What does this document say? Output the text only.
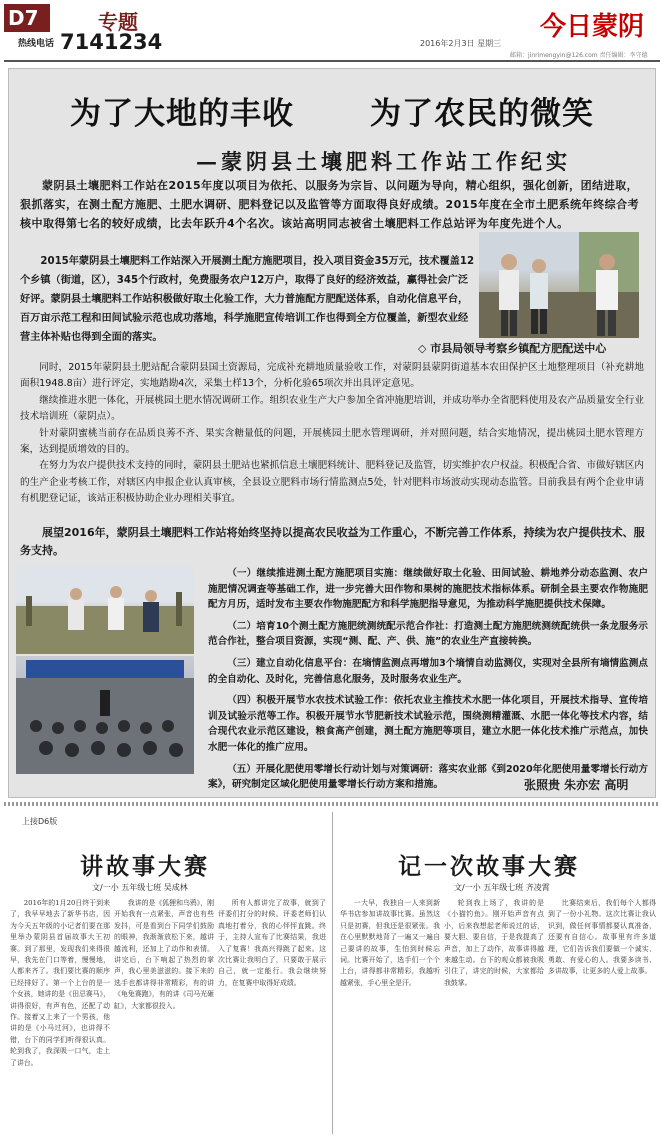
D7	专题
热线电话 7141234	今日蒙阴
2016年2月3日 星期三
邮箱：jinrimengyin@126.com 责任编辑：李守德
为了大地的丰收 为了农民的微笑
—蒙阴县土壤肥料工作站工作纪实
蒙阴县土壤肥料工作站在2015年度以项目为依托、以服务为宗旨、以问题为导向，精心组织，强化创新，团结进取，狠抓落实，在测土配方施肥、土肥水调研、肥料登记以及监管等方面取得良好成绩。2015年度在全市土肥系统年终综合考核中取得第七名的较好成绩，比去年跃升4个名次。该站高明同志被省土壤肥料工作总站评为年度先进个人。
2015年蒙阴县土壤肥料工作站深入开展测土配方施肥项目，投入项目资金35万元，技术覆盖12个乡镇（街道，区），345个行政村，免费服务农户12万户，取得了良好的经济效益，赢得社会广泛好评。蒙阴县土壤肥料工作站积极做好取土化验工作，大力普施配方肥配送体系，自动化信息平台，百万亩示范工程和田间试验示范也成功落地，科学施肥宣传培训工作也得到全方位覆盖，新型农业经营主体补贴也得到全面的落实。
◇ 市县局领导考察乡镇配方肥配送中心

同时，2015年蒙阴县土肥站配合蒙阴县国土资源局，完成补充耕地质量验收工作，对蒙阴县蒙阴街道基本农田保护区土地整理项目（补充耕地面积1948.8亩）进行评定，实地踏勘4次，采集土样13个，分析化验65项次并出具评定意见。

继续推进水肥一体化，开展桃园土肥水情况调研工作。组织农业生产大户参加全省冲施肥培训，并成功举办全省肥料使用及农产品质量安全行业技术培训班（蒙阴点）。

针对蒙阴蜜桃当前存在品质良莠不齐、果实含糖量低的问题，开展桃园土肥水管理调研，并对照问题，结合实地情况，提出桃园土肥水管理方案，达到提质增效的目的。

在努力为农户提供技术支持的同时，蒙阴县土肥站也紧抓信息土壤肥料统计、肥料登记及监管，切实维护农户权益。积极配合省、市做好辖区内的生产企业考核工作，对辖区内申报企业认真审核，全县设立肥料市场行情监测点5处，针对肥料市场波动实现动态监管。目前我县有两个企业申请有机肥登记证，该站正积极协助企业办理相关事宜。

展望2016年，蒙阴县土壤肥料工作站将始终坚持以提高农民收益为工作重心，不断完善工作体系，持续为农户提供技术、服务支持。

（一）继续推进测土配方施肥项目实施：继续做好取土化验、田间试验、耕地养分动态监测、农户施肥情况调查等基础工作，进一步完善大田作物和果树的施肥技术指标体系。研制全县主要农作物施肥配方月历，适时发布主要农作物施肥配方和科学施肥指导意见，为推动科学施肥提供技术保障。

（二）培育10个测土配方施肥统测统配示范合作社：打造测土配方施肥统测统配统供一条龙服务示范合作社，整合项目资源，实现“测、配、产、供、施”的农业生产直接转换。

（三）建立自动化信息平台：在墒情监测点再增加3个墒情自动监测仪，实现对全县所有墒情监测点的全自动化、及时化，完善信息化服务，及时服务农业生产。

（四）积极开展节水农技术试验工作：依托农业主推技术水肥一体化项目，开展技术指导、宣传培训及试验示范等工作。积极开展节水节肥新技术试验示范，围绕测精灌溉、水肥一体化等技术内容，结合现代农业示范区建设，粮食高产创建，测土配方施肥等项目，建立水肥一体化技术推广示范点，加快水肥一体化的推广应用。

（五）开展化肥使用零增长行动计划与对策调研：落实农业部《到2020年化肥使用量零增长行动方案》，研究制定区域化肥使用量零增长行动方案和措施。	张照贵 朱亦宏 高明
上接D6版
讲故事大赛
文/一小 五年级七班 吴成林
2016年的1月20日终于到来了，我早早地去了新华书店，因为今天五年级的小记者们要在那里举办蒙阴县首届故事大王初赛。到了那里，发现我们来得很早，我先在门口等着，慢慢地，人都来齐了。我们要比赛的顺序已经排好了。第一个上台的是一个女孩，她讲的是《田忌赛马》，讲得很好，有声有色，还配了动作。接着又上来了一个男孩，他讲的是《小马过河》，也讲得不错，台下的同学们听得很认真。轮到我了，我深吸一口气，走上了讲台。
我讲的是《狐狸和乌鸦》，刚开始我有一点紧张，声音也有些发抖，可是看到台下同学们鼓励的眼神，我渐渐放松下来，越讲越流利，还加上了动作和表情。讲完后，台下响起了热烈的掌声，我心里美滋滋的。接下来的选手也都讲得非常精彩，有的讲《龟兔赛跑》，有的讲《司马光砸缸》，大家都很投入。
所有人都讲完了故事，就到了评委们打分的时候。评委老师们认真地打着分，我的心怦怦直跳。终于，主持人宣布了比赛结果，我进入了复赛！我高兴得跳了起来。这次比赛让我明白了，只要敢于展示自己，就一定能行。我会继续努力，在复赛中取得好成绩。
记一次故事大赛
文/一小 五年级七班 齐凌霄
一大早，我独自一人来到新华书店参加讲故事比赛。虽然这只是初赛，但我还是很紧张。我在心里默默地背了一遍又一遍自己要讲的故事，生怕到时候忘词。比赛开始了，选手们一个个上台，讲得都非常精彩，我越听越紧张，手心里全是汗。
轮到我上场了，我讲的是《小猫钓鱼》。刚开始声音有点小，后来我想起老师说过的话，要大胆、要自信，于是我提高了声音，加上了动作，故事讲得越来越生动。台下的观众都被我吸引住了，讲完的时候，大家都给我鼓掌。
比赛结束后，我们每个人都得到了一份小礼物。这次比赛让我认识到，做任何事情都要认真准备，还要有自信心。故事里有许多道理，它们告诉我们要做一个诚实、勇敢、有爱心的人。我要多读书、多讲故事，让更多的人爱上故事。
